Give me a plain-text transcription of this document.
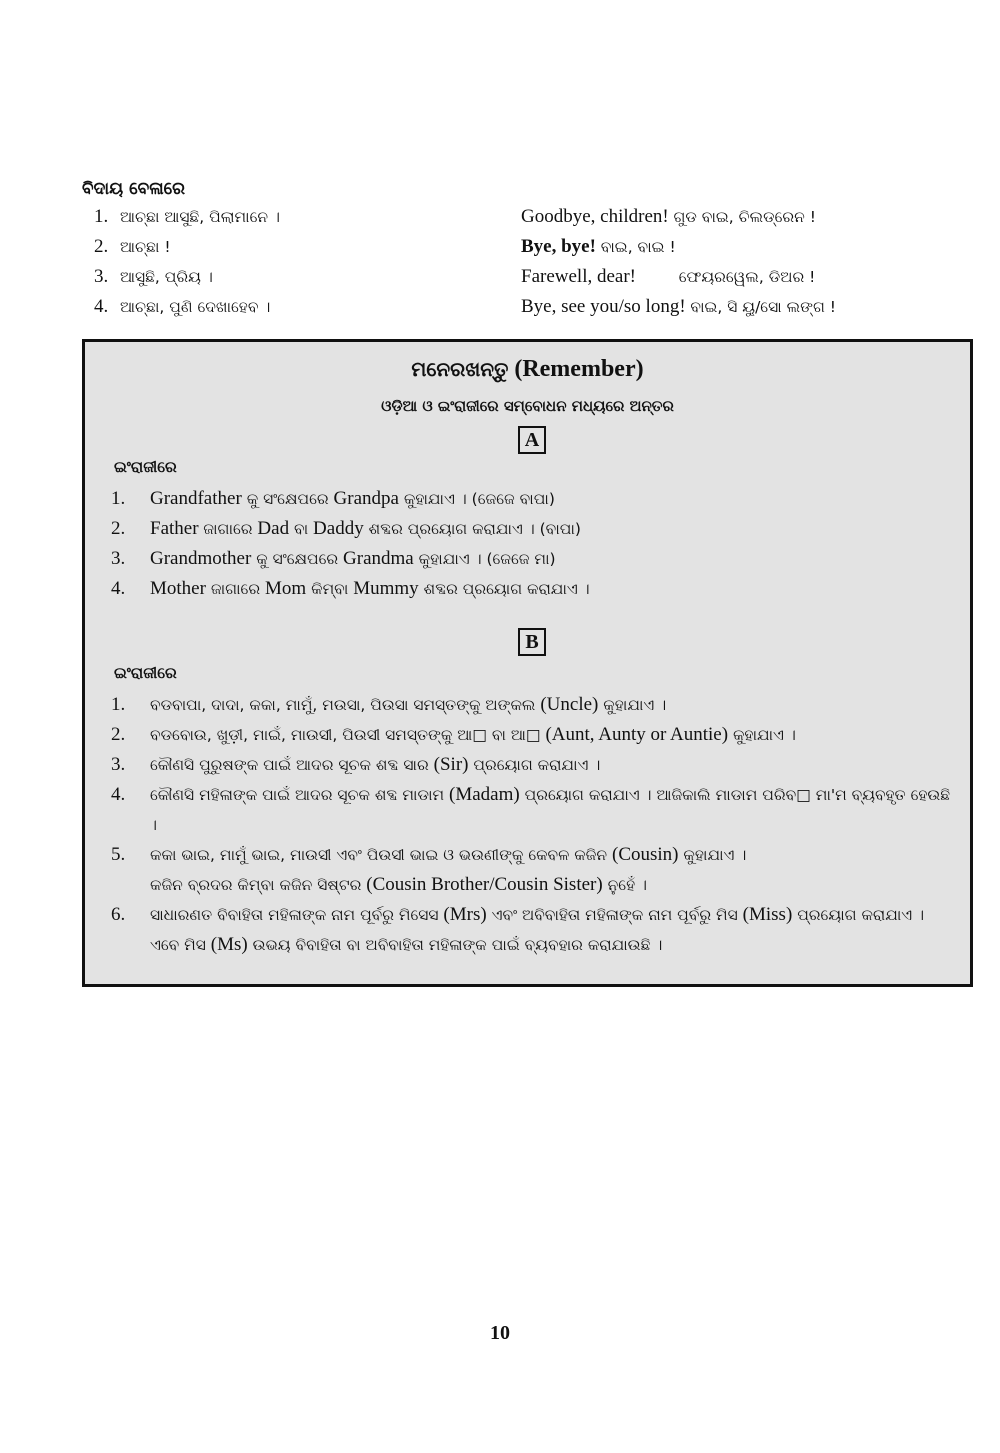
ବିଦାୟ ବେଳାରେ
1. ଆଚ୍ଛା ଆସୁଛି, ପିଲାମାନେ ।	Goodbye, children! ଗୁଡ ବାଇ, ଚିଲଡ୍ରେନ !
2. ଆଚ୍ଛା !	Bye, bye! ବାଇ, ବାଇ !
3. ଆସୁଛି, ପ୍ରିୟ ।	Farewell, dear!	ଫେୟରୱେଲ, ଡିଅର !
4. ଆଚ୍ଛା, ପୁଣି ଦେଖାହେବ ।	Bye, see you/so long! ବାଇ, ସି ୟୁ/ସୋ ଲଙ୍ଗ !
ମନେରଖନ୍ତୁ (Remember)
ଓଡ଼ିଆ ଓ ଇଂରାଜୀରେ ସମ୍ବୋଧନ ମଧ୍ୟରେ ଅନ୍ତର
A
ଇଂରାଜୀରେ
1. Grandfather କୁ ସଂକ୍ଷେପରେ Grandpa କୁହାଯାଏ । (ଜେଜେ ବାପା)
2. Father ଜାଗାରେ Dad ବା Daddy ଶବ୍ଦର ପ୍ରୟୋଗ କରାଯାଏ । (ବାପା)
3. Grandmother କୁ ସଂକ୍ଷେପରେ Grandma କୁହାଯାଏ । (ଜେଜେ ମା)
4. Mother ଜାଗାରେ Mom କିମ୍ବା Mummy ଶବ୍ଦର ପ୍ରୟୋଗ କରାଯାଏ ।
B
ଇଂରାଜୀରେ
1. ବଡବାପା, ଦାଦା, କକା, ମାମୁଁ, ମଉସା, ପିଉସା ସମସ୍ତଙ୍କୁ ଅଙ୍କଲ (Uncle) କୁହାଯାଏ ।
2. ବଡବୋଉ, ଖୁଡ଼ୀ, ମାଇଁ, ମାଉସୀ, ପିଉସୀ ସମସ୍ତଙ୍କୁ ଆ□ ବା ଆ□ (Aunt, Aunty or Auntie) କୁହାଯାଏ ।
3. କୌଣସି ପୁରୁଷଙ୍କ ପାଇଁ ଆଦର ସୂଚକ ଶବ୍ଦ ସାର (Sir) ପ୍ରୟୋଗ କରାଯାଏ ।
4. କୌଣସି ମହିଳାଙ୍କ ପାଇଁ ଆଦର ସୂଚକ ଶବ୍ଦ ମାଡାମ (Madam) ପ୍ରୟୋଗ କରାଯାଏ । ଆଜିକାଲି ମାଡାମ ପରିବ□ ମା'ମ ବ୍ୟବହୃତ ହେଉଛି ।
5. କକା ଭାଇ, ମାମୁଁ ଭାଇ, ମାଉସୀ ଏବଂ ପିଉସୀ ଭାଇ ଓ ଭଉଣୀଙ୍କୁ କେବଳ କଜିନ (Cousin) କୁହାଯାଏ ।
କଜିନ ବ୍ରଦର କିମ୍ବା କଜିନ ସିଷ୍ଟର (Cousin Brother/Cousin Sister) ନୁହେଁ ।
6. ସାଧାରଣତ ବିବାହିତା ମହିଳାଙ୍କ ନାମ ପୂର୍ବରୁ ମିସେସ (Mrs) ଏବଂ ଅବିବାହିତା ମହିଳାଙ୍କ ନାମ ପୂର୍ବରୁ ମିସ (Miss) ପ୍ରୟୋଗ କରାଯାଏ । ଏବେ ମିସ (Ms) ଉଭୟ ବିବାହିତା ବା ଅବିବାହିତା ମହିଳାଙ୍କ ପାଇଁ ବ୍ୟବହାର କରାଯାଉଛି ।
10
